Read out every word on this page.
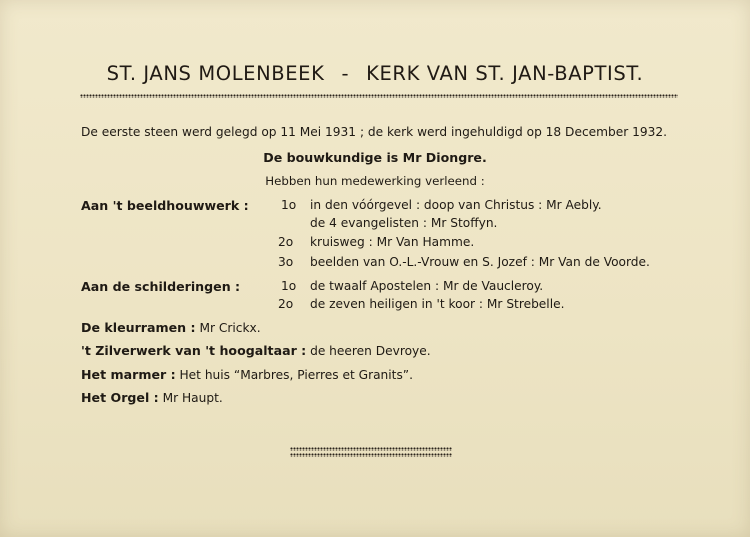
ST. JANS MOLENBEEK - KERK VAN ST. JAN-BAPTIST.
De eerste steen werd gelegd op 11 Mei 1931 ; de kerk werd ingehuldigd op 18 December 1932.
De bouwkundige is Mr Diongre.
Hebben hun medewerking verleend :
Aan 't beeldhouwwerk :	1o in den vóórgevel : doop van Christus : Mr Aebly.
de 4 evangelisten : Mr Stoffyn.
2o kruisweg : Mr Van Hamme.
3o beelden van O.-L.-Vrouw en S. Jozef : Mr Van de Voorde.
Aan de schilderingen :	1o de twaalf Apostelen : Mr de Vaucleroy.
2o de zeven heiligen in 't koor : Mr Strebelle.
De kleurramen : Mr Crickx.
't Zilverwerk van 't hoogaltaar : de heeren Devroye.
Het marmer : Het huis “Marbres, Pierres et Granits”.
Het Orgel : Mr Haupt.
